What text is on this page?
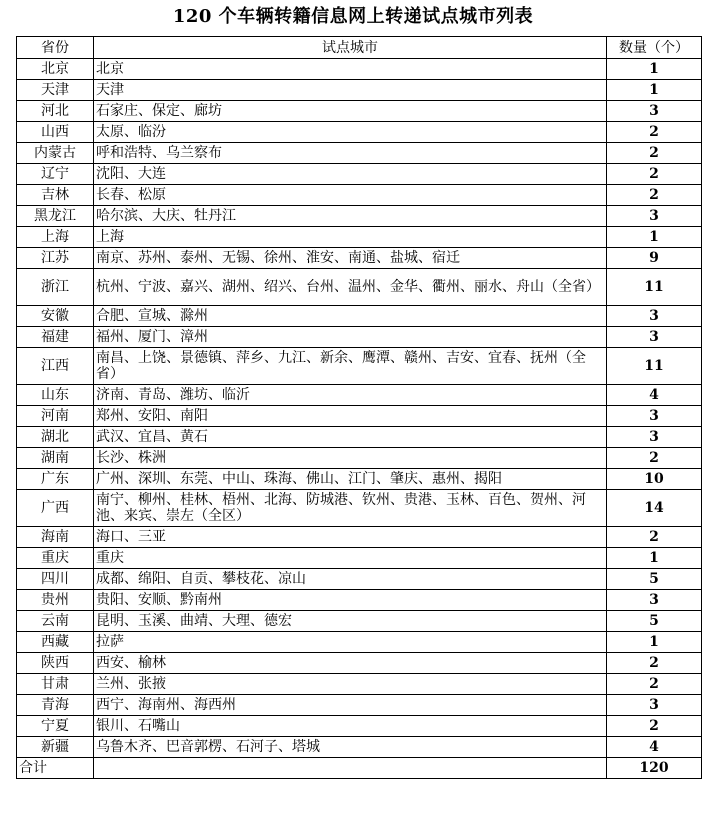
120 个车辆转籍信息网上转递试点城市列表
省份	试点城市	数量（个）
北京	北京	1
天津	天津	1
河北	石家庄、保定、廊坊	3
山西	太原、临汾	2
内蒙古	呼和浩特、乌兰察布	2
辽宁	沈阳、大连	2
吉林	长春、松原	2
黑龙江	哈尔滨、大庆、牡丹江	3
上海	上海	1
江苏	南京、苏州、泰州、无锡、徐州、淮安、南通、盐城、宿迁	9
浙江	杭州、宁波、嘉兴、湖州、绍兴、台州、温州、金华、衢州、丽水、舟山（全省）	11
安徽	合肥、宣城、滁州	3
福建	福州、厦门、漳州	3
江西	南昌、上饶、景德镇、萍乡、九江、新余、鹰潭、赣州、吉安、宜春、抚州（全省）	11
山东	济南、青岛、潍坊、临沂	4
河南	郑州、安阳、南阳	3
湖北	武汉、宜昌、黄石	3
湖南	长沙、株洲	2
广东	广州、深圳、东莞、中山、珠海、佛山、江门、肇庆、惠州、揭阳	10
广西	南宁、柳州、桂林、梧州、北海、防城港、钦州、贵港、玉林、百色、贺州、河池、来宾、崇左（全区）	14
海南	海口、三亚	2
重庆	重庆	1
四川	成都、绵阳、自贡、攀枝花、凉山	5
贵州	贵阳、安顺、黔南州	3
云南	昆明、玉溪、曲靖、大理、德宏	5
西藏	拉萨	1
陕西	西安、榆林	2
甘肃	兰州、张掖	2
青海	西宁、海南州、海西州	3
宁夏	银川、石嘴山	2
新疆	乌鲁木齐、巴音郭楞、石河子、塔城	4
合计		120
